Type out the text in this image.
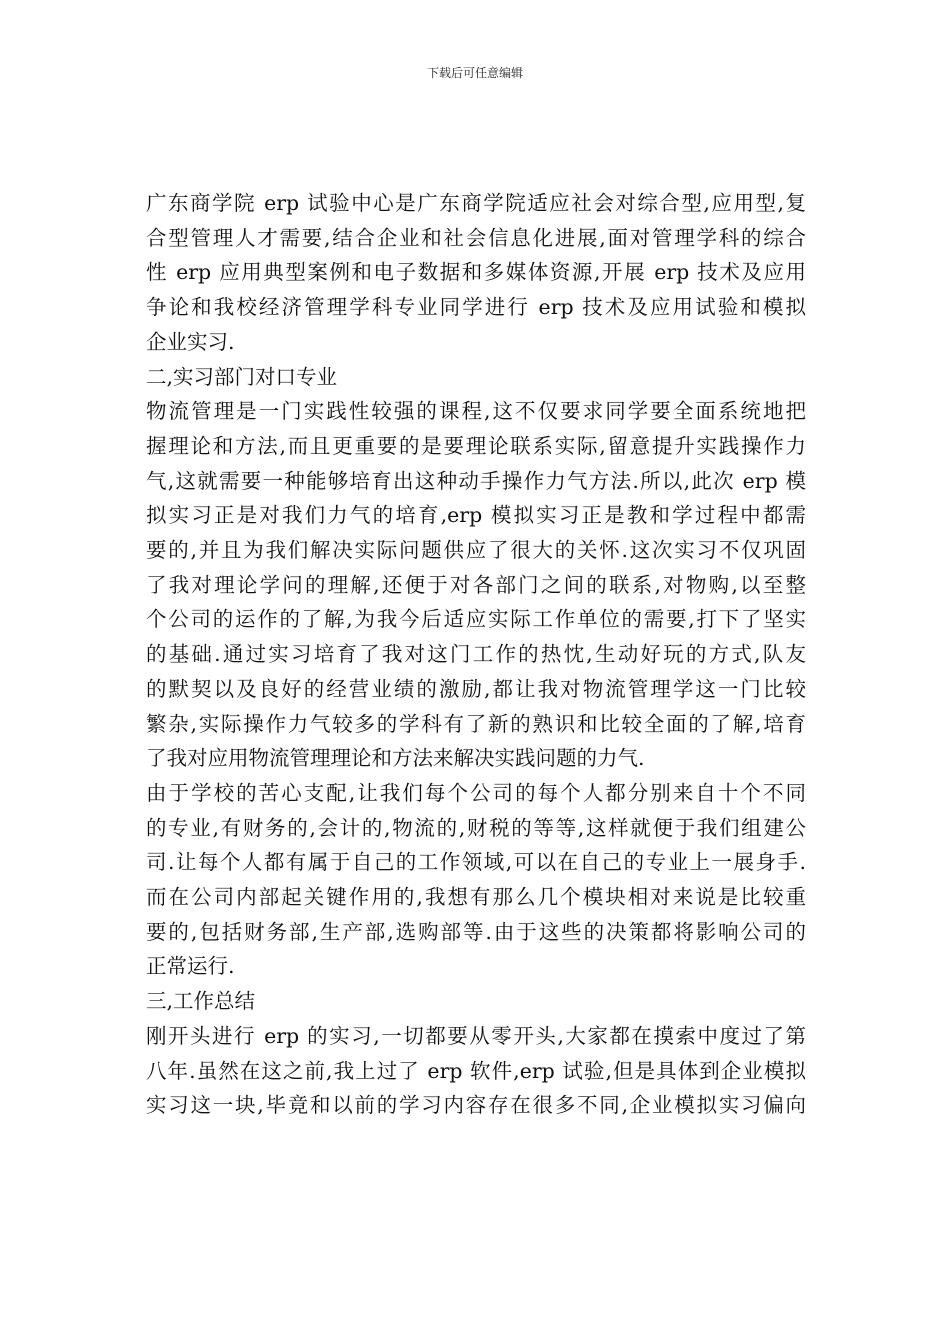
下载后可任意编辑
广东商学院 erp 试验中心是广东商学院适应社会对综合型,应用型,复
合型管理人才需要,结合企业和社会信息化进展,面对管理学科的综合
性 erp 应用典型案例和电子数据和多媒体资源,开展 erp 技术及应用
争论和我校经济管理学科专业同学进行 erp 技术及应用试验和模拟
企业实习.
二,实习部门对口专业
物流管理是一门实践性较强的课程,这不仅要求同学要全面系统地把
握理论和方法,而且更重要的是要理论联系实际,留意提升实践操作力
气,这就需要一种能够培育出这种动手操作力气方法.所以,此次 erp 模
拟实习正是对我们力气的培育,erp 模拟实习正是教和学过程中都需
要的,并且为我们解决实际问题供应了很大的关怀.这次实习不仅巩固
了我对理论学问的理解,还便于对各部门之间的联系,对物购,以至整
个公司的运作的了解,为我今后适应实际工作单位的需要,打下了坚实
的基础.通过实习培育了我对这门工作的热忱,生动好玩的方式,队友
的默契以及良好的经营业绩的激励,都让我对物流管理学这一门比较
繁杂,实际操作力气较多的学科有了新的熟识和比较全面的了解,培育
了我对应用物流管理理论和方法来解决实践问题的力气.
由于学校的苦心支配,让我们每个公司的每个人都分别来自十个不同
的专业,有财务的,会计的,物流的,财税的等等,这样就便于我们组建公
司.让每个人都有属于自己的工作领域,可以在自己的专业上一展身手.
而在公司内部起关键作用的,我想有那么几个模块相对来说是比较重
要的,包括财务部,生产部,选购部等.由于这些的决策都将影响公司的
正常运行.
三,工作总结
刚开头进行 erp 的实习,一切都要从零开头,大家都在摸索中度过了第
八年.虽然在这之前,我上过了 erp 软件,erp 试验,但是具体到企业模拟
实习这一块,毕竟和以前的学习内容存在很多不同,企业模拟实习偏向
